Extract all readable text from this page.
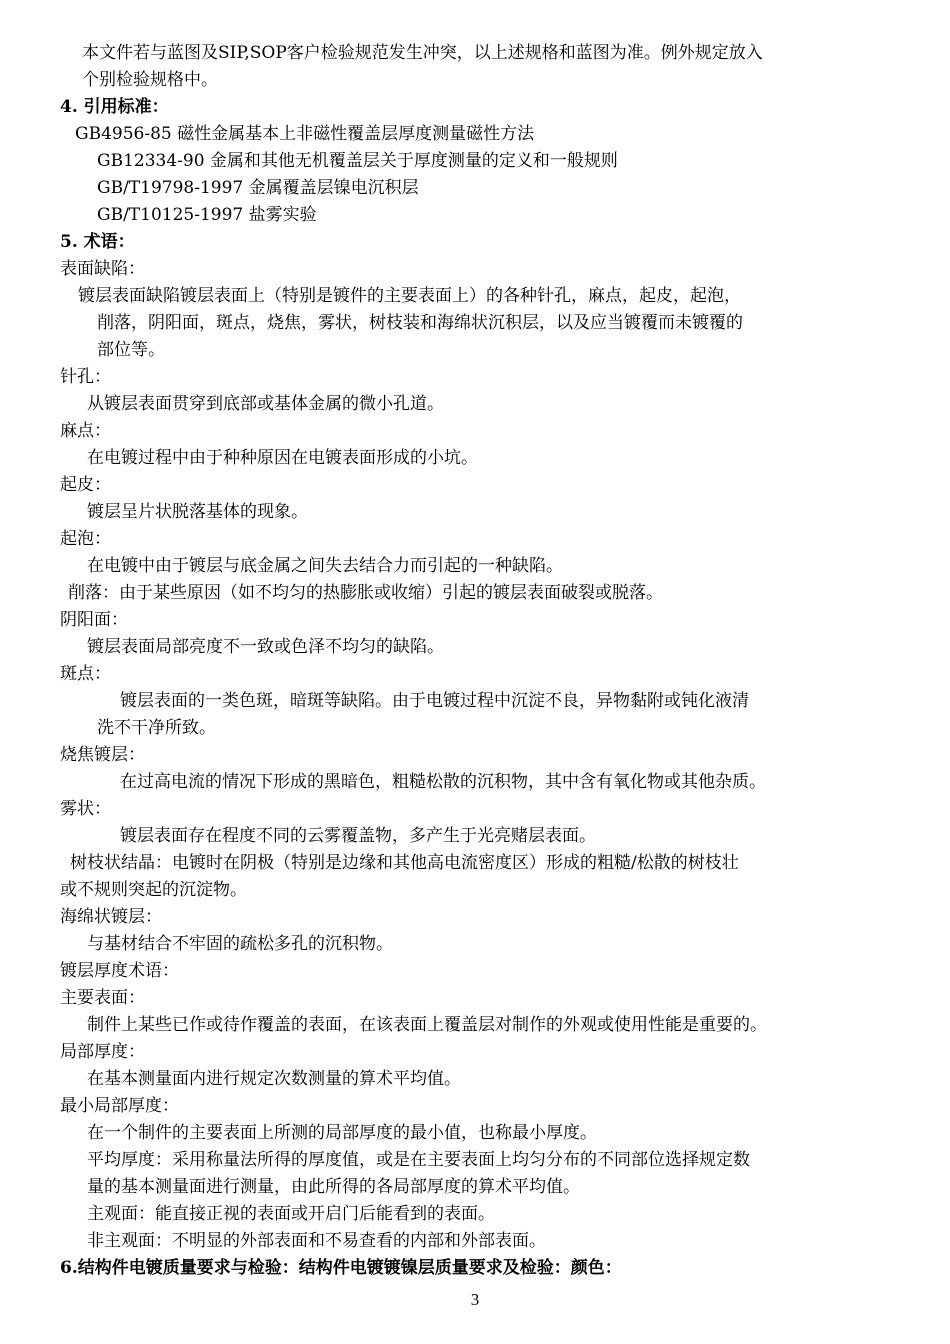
本文件若与蓝图及SIP,SOP客户检验规范发生冲突，以上述规格和蓝图为准。例外规定放入
个别检验规格中。
4. 引用标准：
GB4956-85 磁性金属基本上非磁性覆盖层厚度测量磁性方法
GB12334-90 金属和其他无机覆盖层关于厚度测量的定义和一般规则
GB/T19798-1997 金属覆盖层镍电沉积层
GB/T10125-1997 盐雾实验
5. 术语：
表面缺陷：
镀层表面缺陷镀层表面上（特别是镀件的主要表面上）的各种针孔，麻点，起皮，起泡，
削落，阴阳面，斑点，烧焦，雾状，树枝装和海绵状沉积层，以及应当镀覆而未镀覆的
部位等。
针孔：
从镀层表面贯穿到底部或基体金属的微小孔道。
麻点：
在电镀过程中由于种种原因在电镀表面形成的小坑。
起皮：
镀层呈片状脱落基体的现象。
起泡：
在电镀中由于镀层与底金属之间失去结合力而引起的一种缺陷。
削落：由于某些原因（如不均匀的热膨胀或收缩）引起的镀层表面破裂或脱落。
阴阳面：
镀层表面局部亮度不一致或色泽不均匀的缺陷。
斑点：
镀层表面的一类色斑，暗斑等缺陷。由于电镀过程中沉淀不良，异物黏附或钝化液清
洗不干净所致。
烧焦镀层：
在过高电流的情况下形成的黑暗色，粗糙松散的沉积物，其中含有氧化物或其他杂质。
雾状：
镀层表面存在程度不同的云雾覆盖物，多产生于光亮赌层表面。
树枝状结晶：电镀时在阴极（特别是边缘和其他高电流密度区）形成的粗糙/松散的树枝壮
或不规则突起的沉淀物。
海绵状镀层：
与基材结合不牢固的疏松多孔的沉积物。
镀层厚度术语：
主要表面：
制件上某些已作或待作覆盖的表面，在该表面上覆盖层对制作的外观或使用性能是重要的。
局部厚度：
在基本测量面内进行规定次数测量的算术平均值。
最小局部厚度：
在一个制件的主要表面上所测的局部厚度的最小值，也称最小厚度。
平均厚度：采用称量法所得的厚度值，或是在主要表面上均匀分布的不同部位选择规定数
量的基本测量面进行测量，由此所得的各局部厚度的算术平均值。
主观面：能直接正视的表面或开启门后能看到的表面。
非主观面：不明显的外部表面和不易查看的内部和外部表面。
6.结构件电镀质量要求与检验：结构件电镀镀镍层质量要求及检验：颜色：
3
